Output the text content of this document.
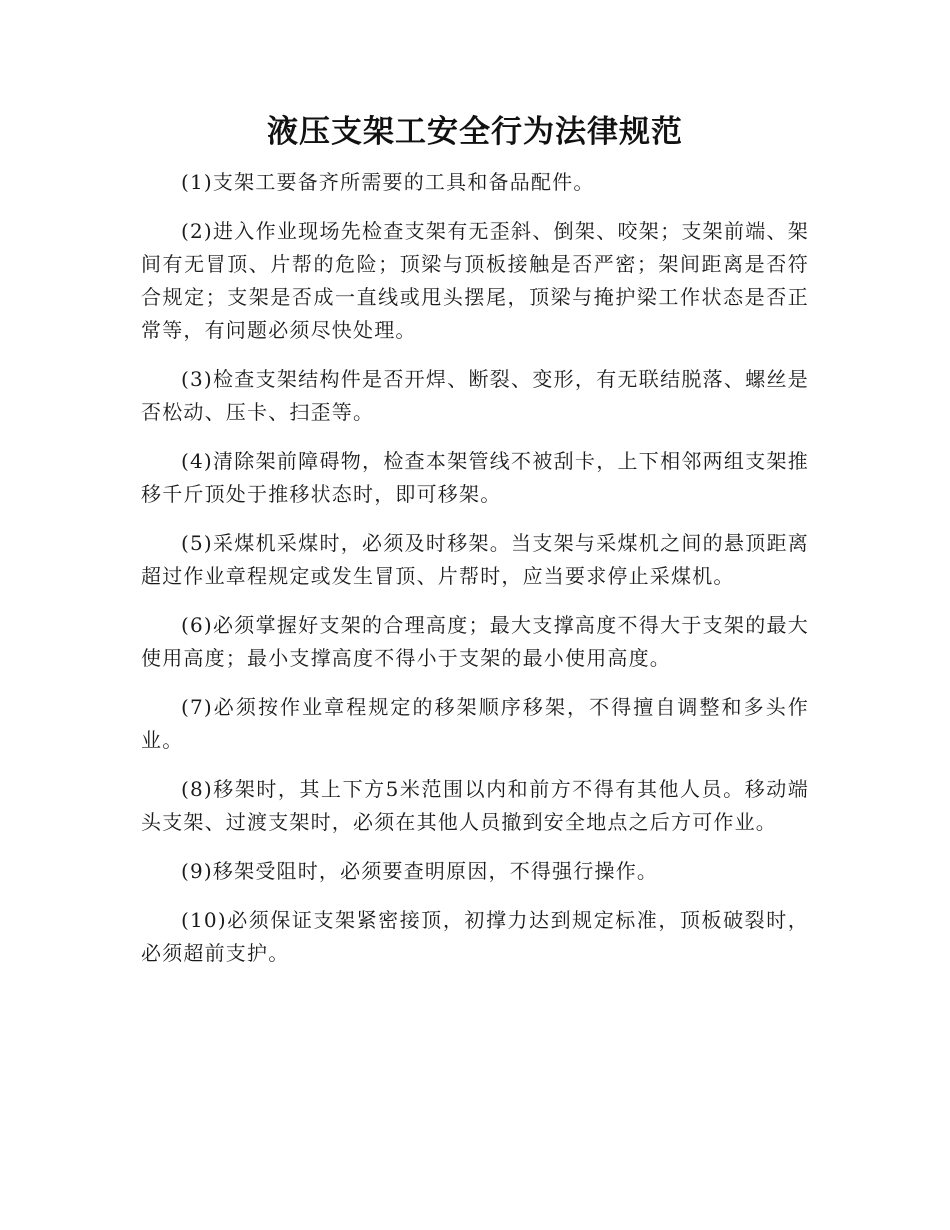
液压支架工安全行为法律规范

(1)支架工要备齐所需要的工具和备品配件。

(2)进入作业现场先检查支架有无歪斜、倒架、咬架；支架前端、架间有无冒顶、片帮的危险；顶梁与顶板接触是否严密；架间距离是否符合规定；支架是否成一直线或甩头摆尾，顶梁与掩护梁工作状态是否正常等，有问题必须尽快处理。

(3)检查支架结构件是否开焊、断裂、变形，有无联结脱落、螺丝是否松动、压卡、扫歪等。

(4)清除架前障碍物，检查本架管线不被刮卡，上下相邻两组支架推移千斤顶处于推移状态时，即可移架。

(5)采煤机采煤时，必须及时移架。当支架与采煤机之间的悬顶距离超过作业章程规定或发生冒顶、片帮时，应当要求停止采煤机。

(6)必须掌握好支架的合理高度；最大支撑高度不得大于支架的最大使用高度；最小支撑高度不得小于支架的最小使用高度。

(7)必须按作业章程规定的移架顺序移架，不得擅自调整和多头作业。

(8)移架时，其上下方5米范围以内和前方不得有其他人员。移动端头支架、过渡支架时，必须在其他人员撤到安全地点之后方可作业。

(9)移架受阻时，必须要查明原因，不得强行操作。

(10)必须保证支架紧密接顶，初撑力达到规定标准，顶板破裂时，必须超前支护。
